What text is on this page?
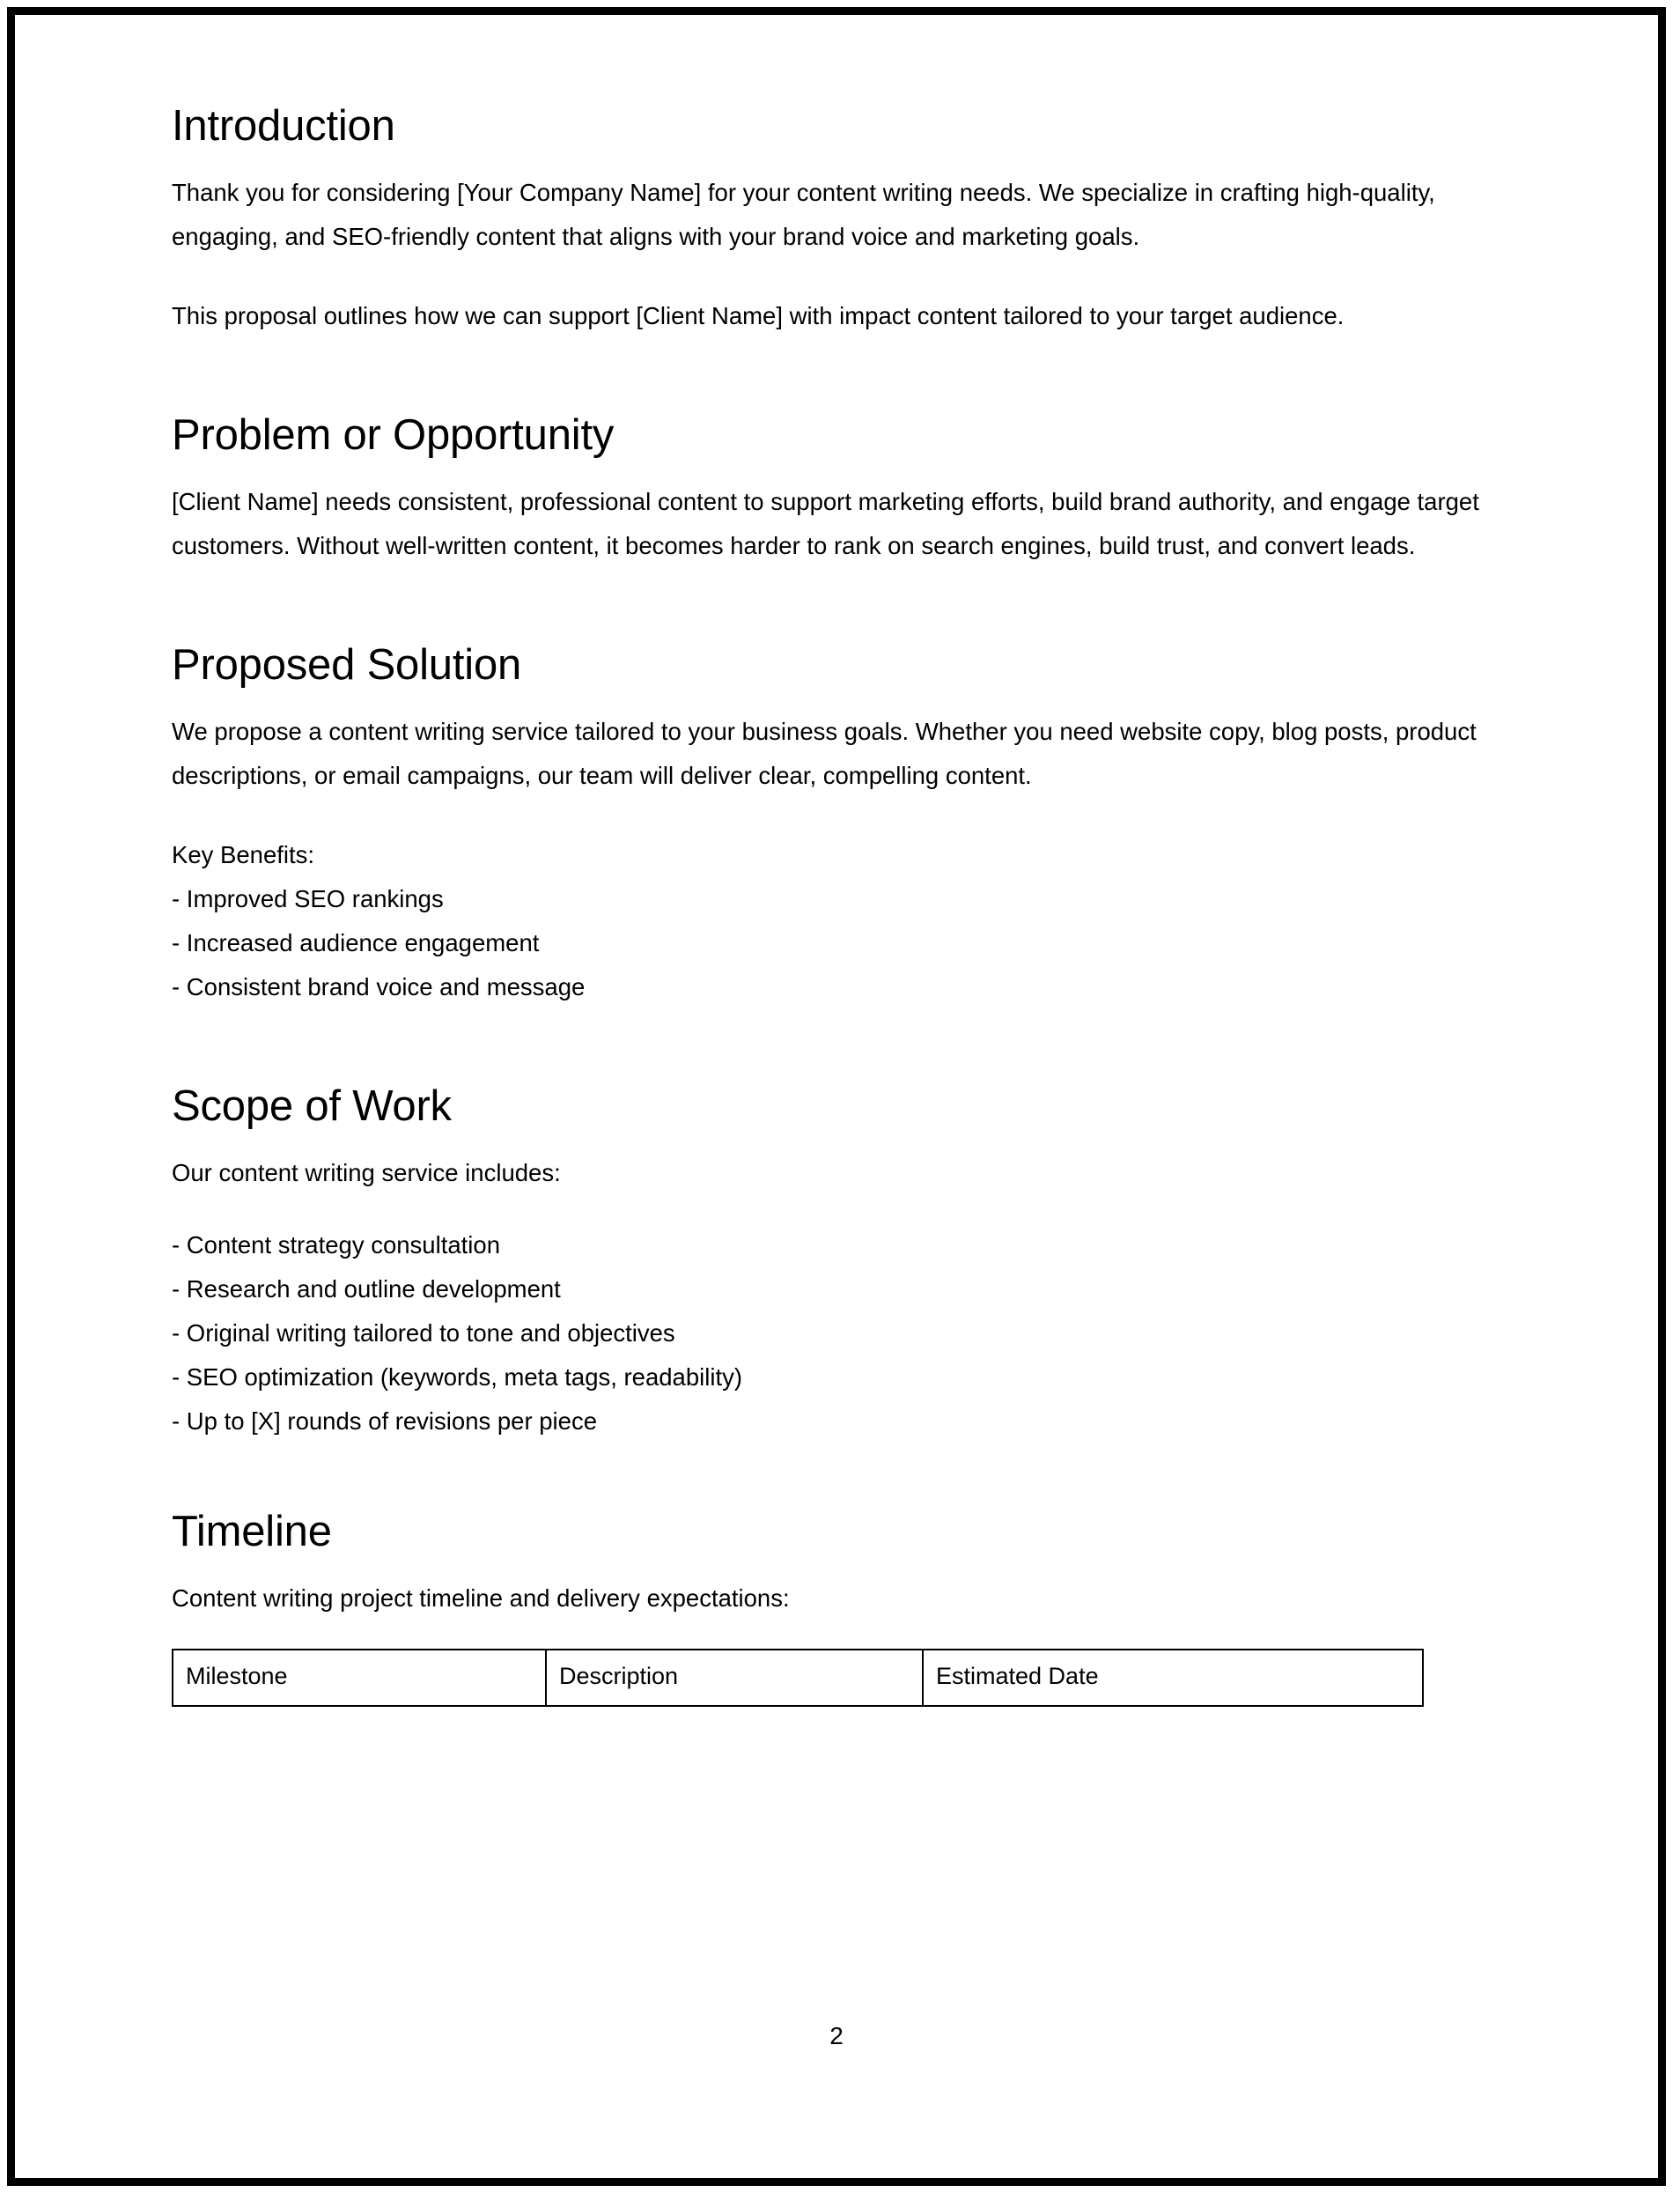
Introduction

Thank you for considering [Your Company Name] for your content writing needs. We specialize in crafting high-quality, engaging, and SEO-friendly content that aligns with your brand voice and marketing goals.

This proposal outlines how we can support [Client Name] with impact content tailored to your target audience.

Problem or Opportunity

[Client Name] needs consistent, professional content to support marketing efforts, build brand authority, and engage target customers. Without well-written content, it becomes harder to rank on search engines, build trust, and convert leads.

Proposed Solution

We propose a content writing service tailored to your business goals. Whether you need website copy, blog posts, product descriptions, or email campaigns, our team will deliver clear, compelling content.

Key Benefits:

- Improved SEO rankings
- Increased audience engagement
- Consistent brand voice and message
Scope of Work

Our content writing service includes:

- Content strategy consultation
- Research and outline development
- Original writing tailored to tone and objectives
- SEO optimization (keywords, meta tags, readability)
- Up to [X] rounds of revisions per piece
Timeline

Content writing project timeline and delivery expectations:

Milestone	Description	Estimated Date
2
